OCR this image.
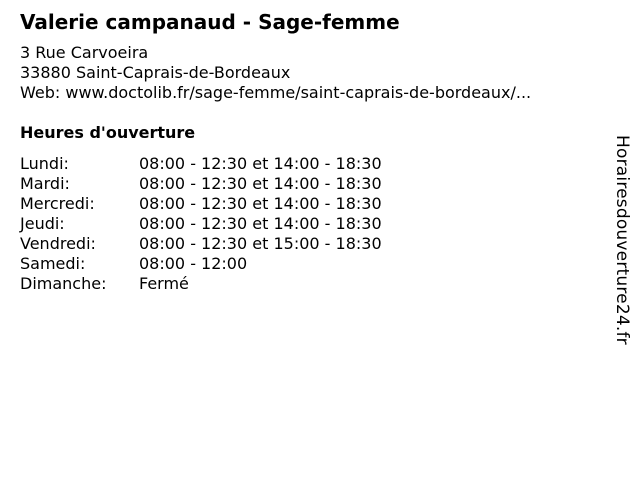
Valerie campanaud - Sage-femme
3 Rue Carvoeira
33880 Saint-Caprais-de-Bordeaux
Web: www.doctolib.fr/sage-femme/saint-caprais-de-bordeaux/...
Heures d'ouverture
Lundi:	08:00 - 12:30 et 14:00 - 18:30
Mardi:	08:00 - 12:30 et 14:00 - 18:30
Mercredi:	08:00 - 12:30 et 14:00 - 18:30
Jeudi:	08:00 - 12:30 et 14:00 - 18:30
Vendredi:	08:00 - 12:30 et 15:00 - 18:30
Samedi:	08:00 - 12:00
Dimanche:	Fermé	Horairesdouverture24.fr
